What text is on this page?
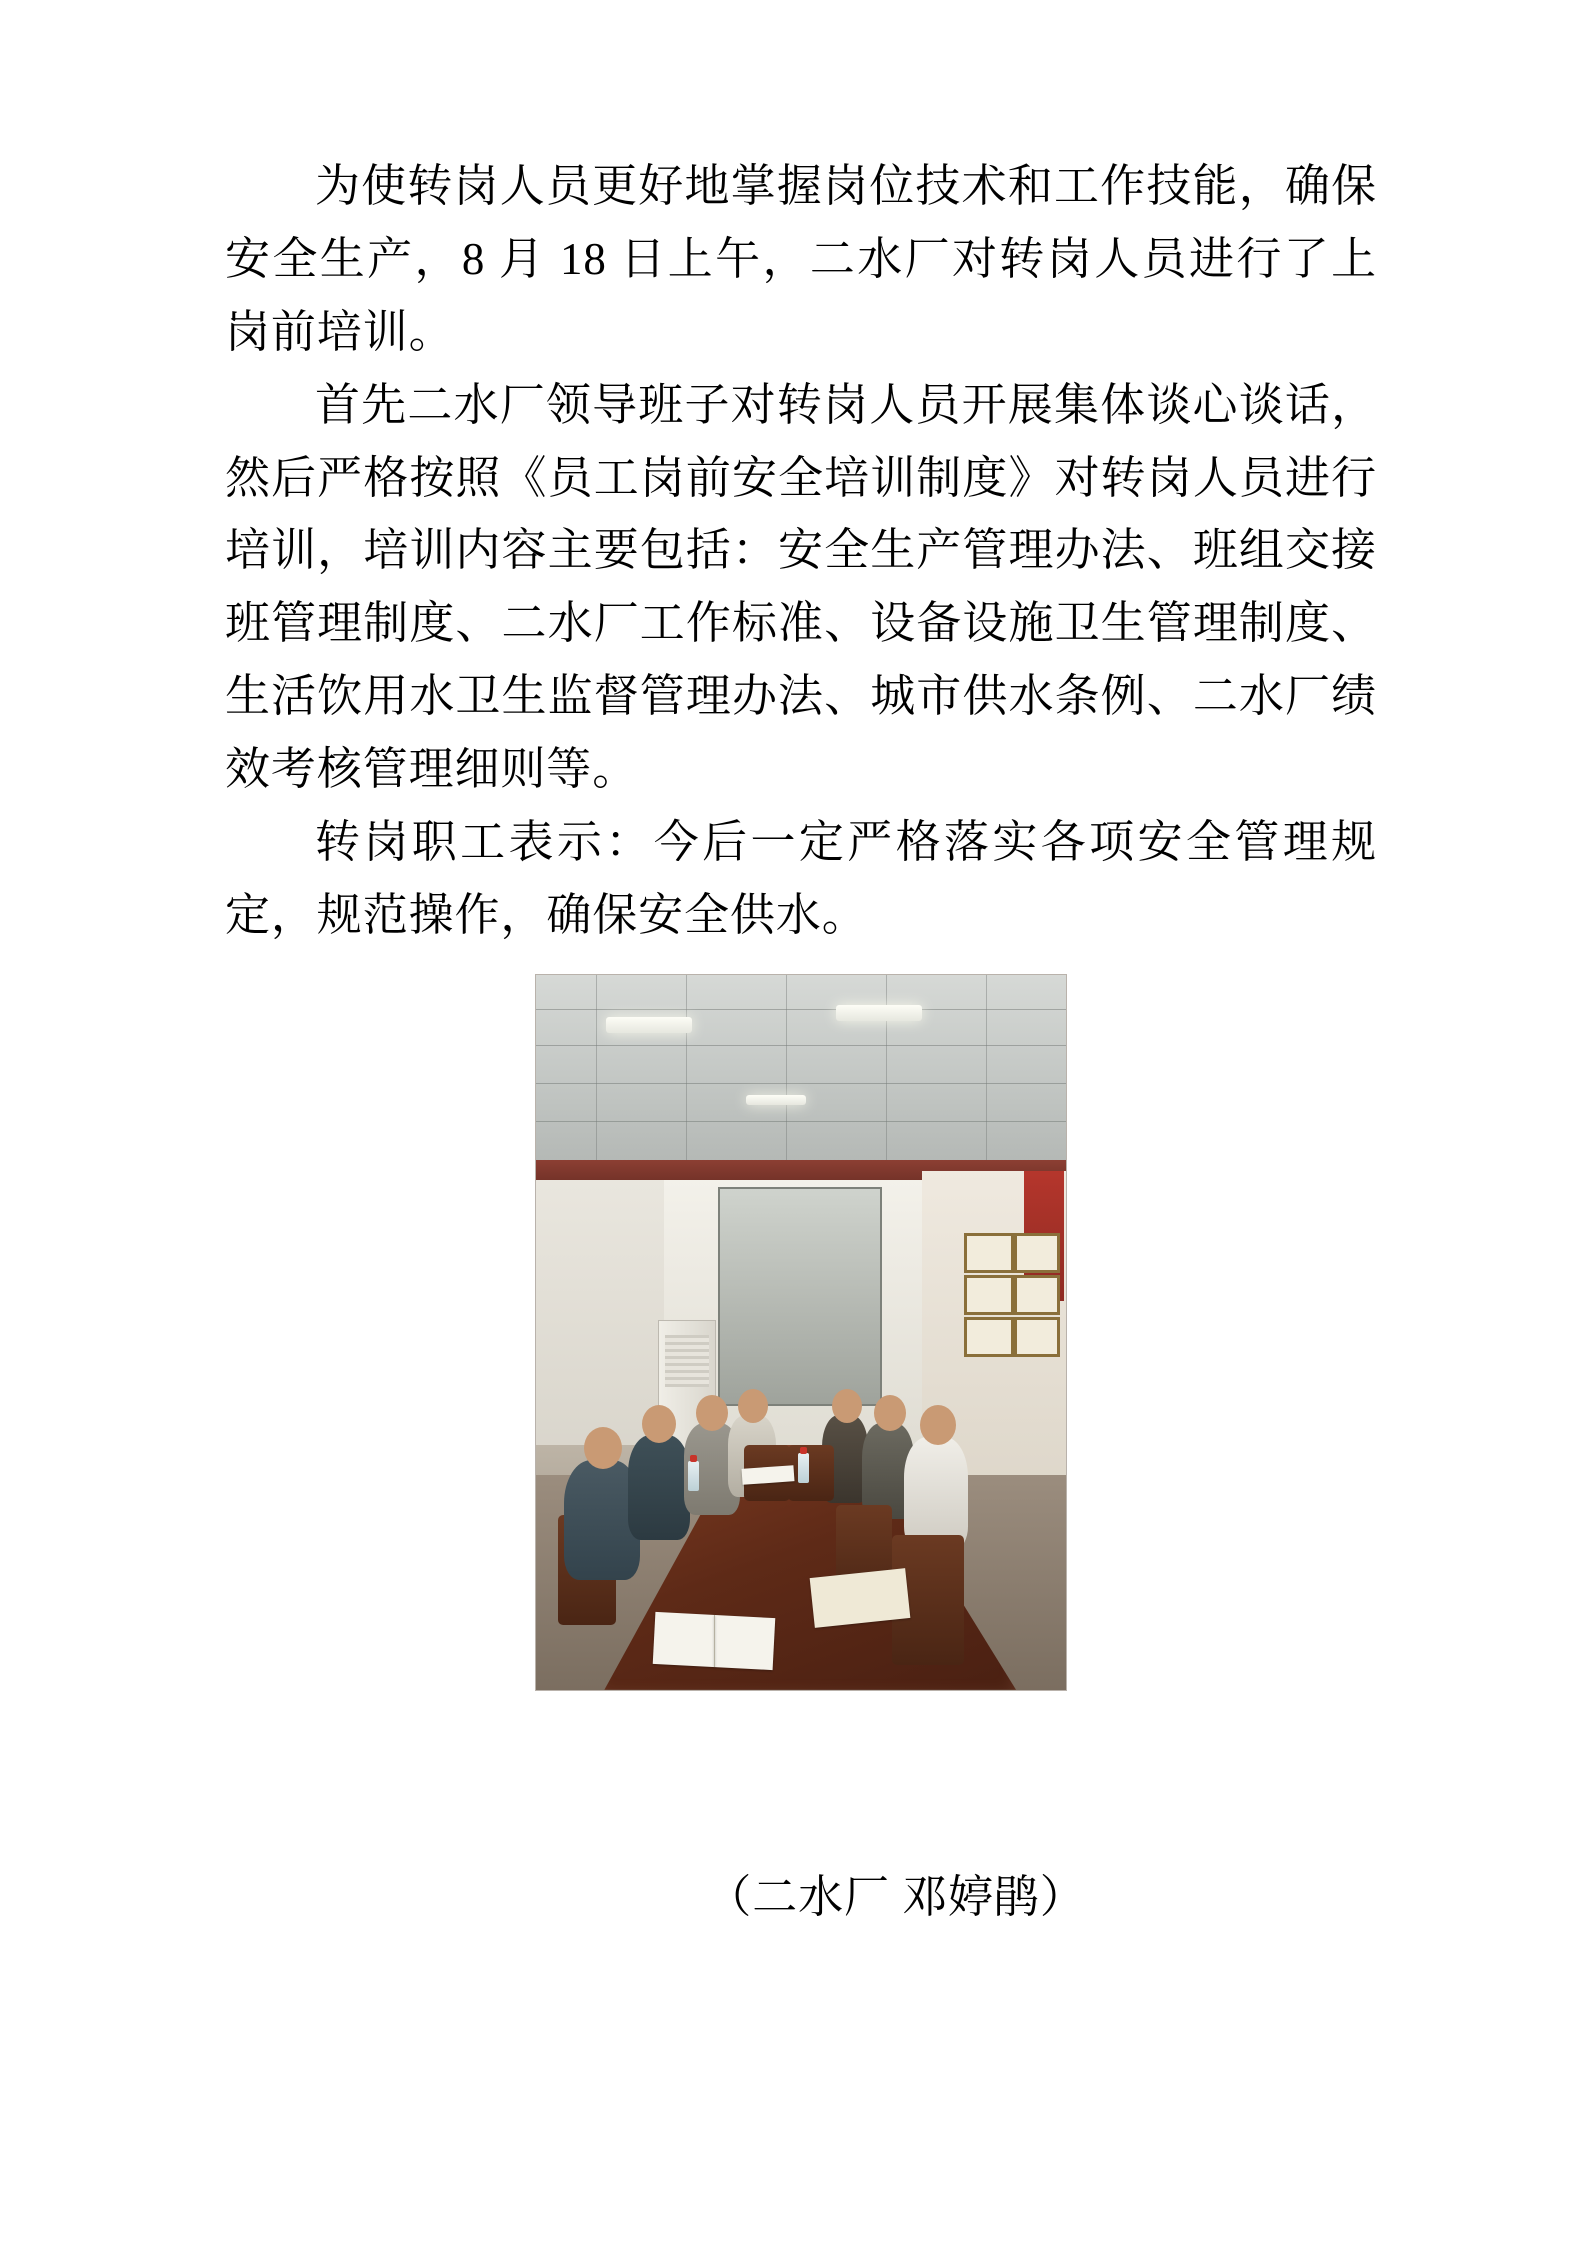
为使转岗人员更好地掌握岗位技术和工作技能，确保安全生产，8 月 18 日上午，二水厂对转岗人员进行了上岗前培训。

首先二水厂领导班子对转岗人员开展集体谈心谈话，然后严格按照《员工岗前安全培训制度》对转岗人员进行培训，培训内容主要包括：安全生产管理办法、班组交接班管理制度、二水厂工作标准、设备设施卫生管理制度、生活饮用水卫生监督管理办法、城市供水条例、二水厂绩效考核管理细则等。

转岗职工表示：今后一定严格落实各项安全管理规定，规范操作，确保安全供水。

（二水厂 邓婷鹃）
